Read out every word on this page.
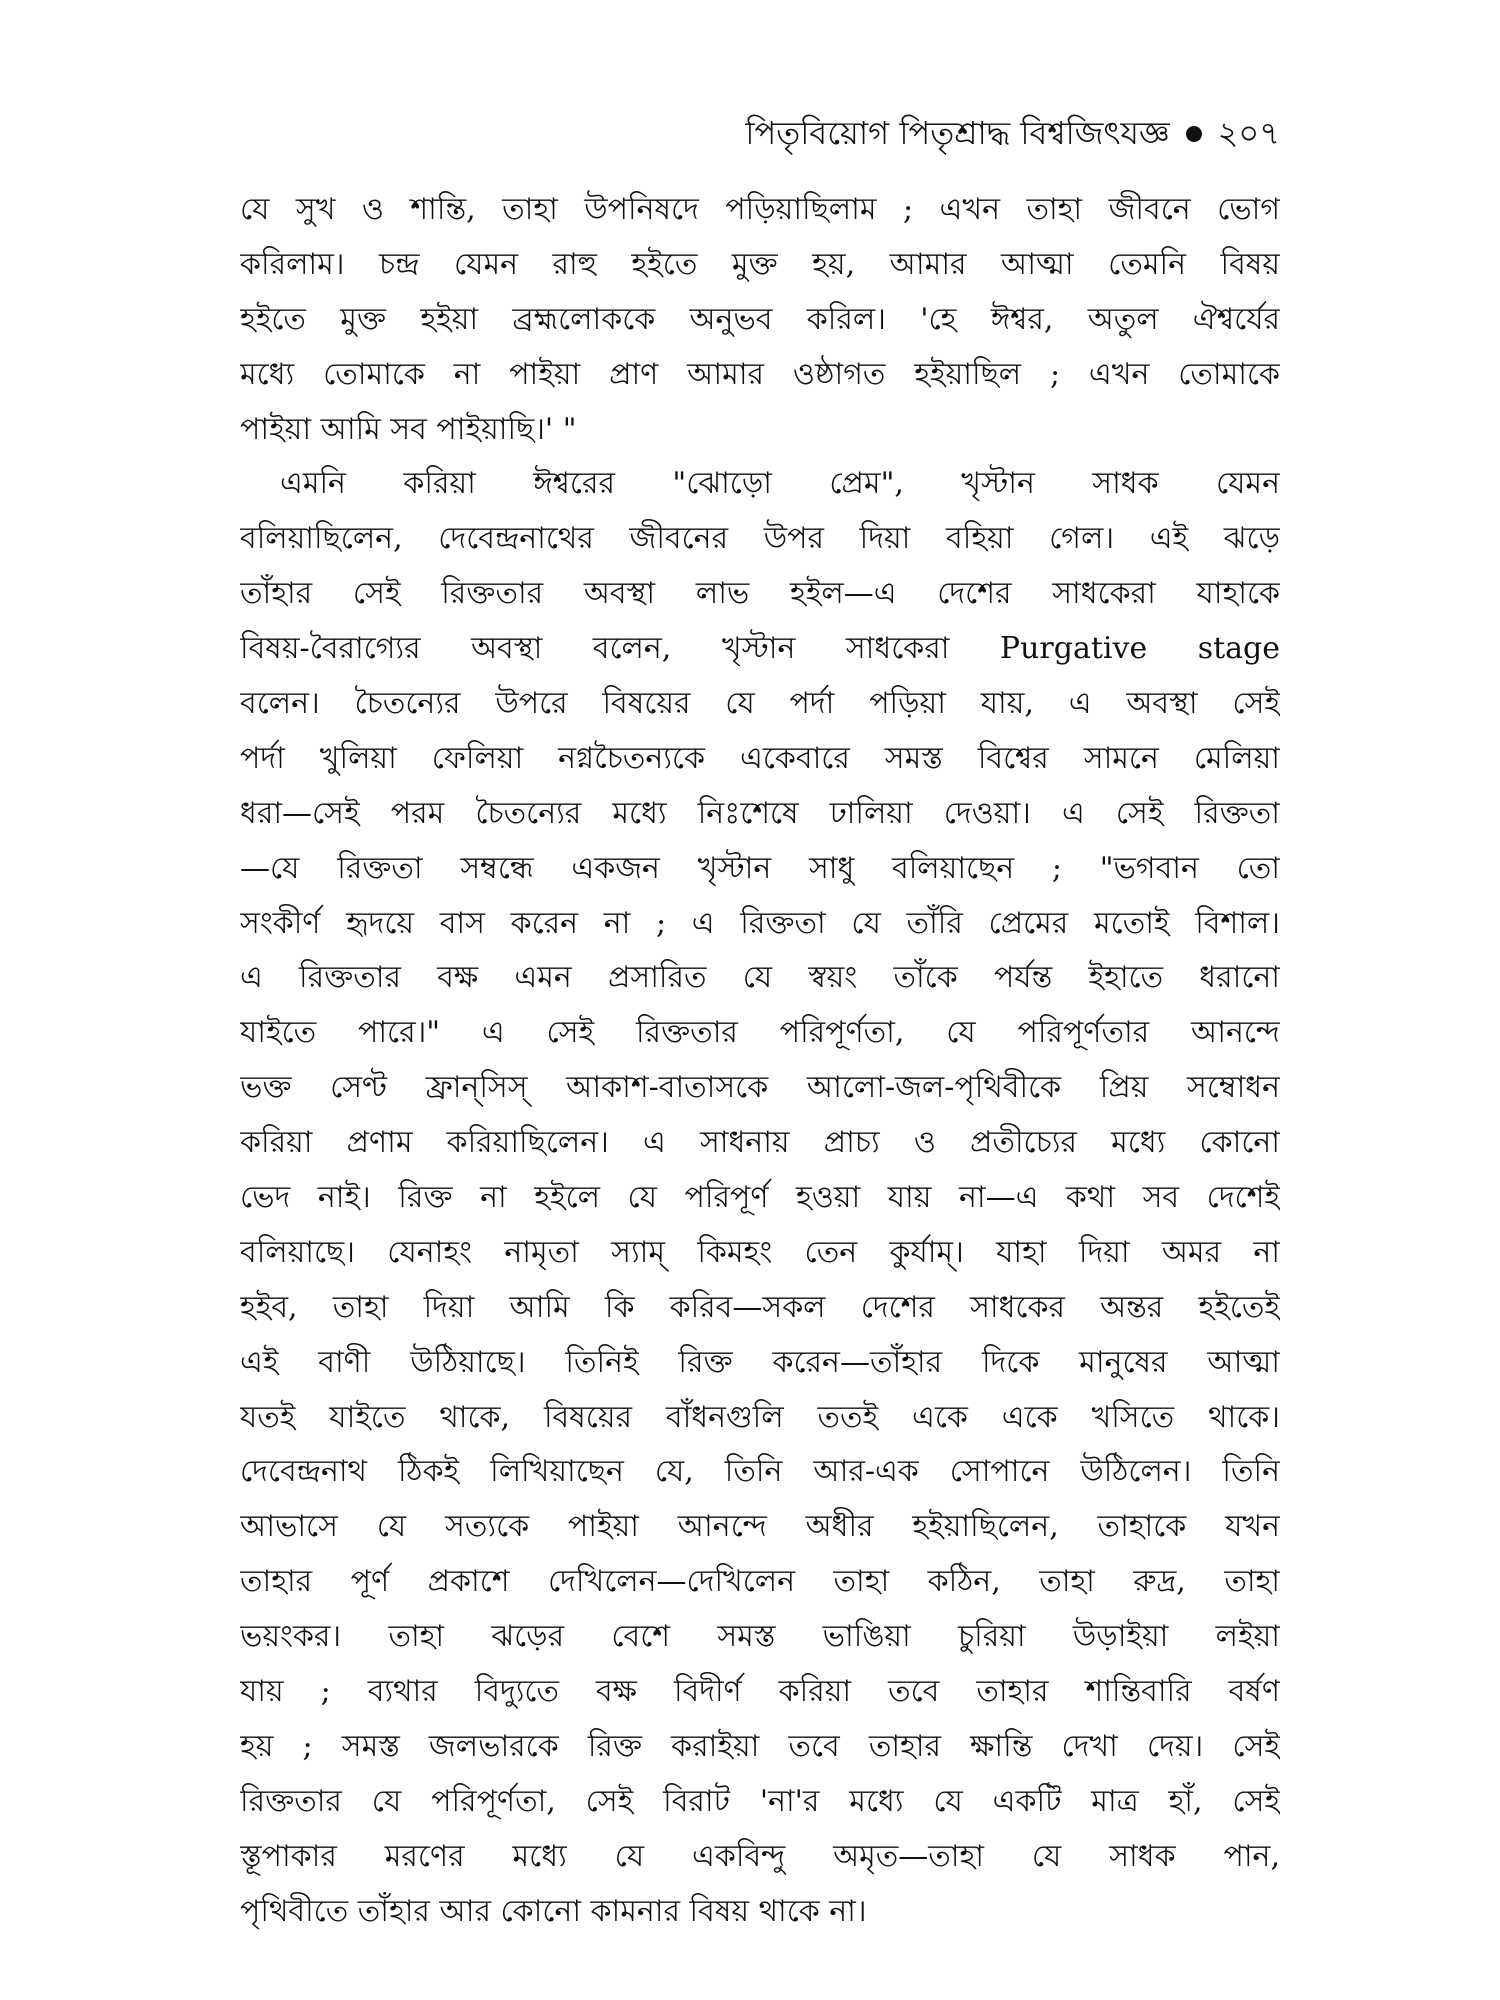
পিতৃবিয়োগ পিতৃশ্রাদ্ধ বিশ্বজিৎযজ্ঞ ২০৭
যে সুখ ও শান্তি, তাহা উপনিষদে পড়িয়াছিলাম ; এখন তাহা জীবনে ভোগ
করিলাম। চন্দ্র যেমন রাহু হইতে মুক্ত হয়, আমার আত্মা তেমনি বিষয়
হইতে মুক্ত হইয়া ব্রহ্মলোককে অনুভব করিল। 'হে ঈশ্বর, অতুল ঐশ্বর্যের
মধ্যে তোমাকে না পাইয়া প্রাণ আমার ওষ্ঠাগত হইয়াছিল ; এখন তোমাকে
পাইয়া আমি সব পাইয়াছি।' "
এমনি করিয়া ঈশ্বরের "ঝোড়ো প্রেম", খৃস্টান সাধক যেমন
বলিয়াছিলেন, দেবেন্দ্রনাথের জীবনের উপর দিয়া বহিয়া গেল। এই ঝড়ে
তাঁহার সেই রিক্ততার অবস্থা লাভ হইল—এ দেশের সাধকেরা যাহাকে
বিষয়-বৈরাগ্যের অবস্থা বলেন, খৃস্টান সাধকেরা Purgative stage
বলেন। চৈতন্যের উপরে বিষয়ের যে পর্দা পড়িয়া যায়, এ অবস্থা সেই
পর্দা খুলিয়া ফেলিয়া নগ্নচৈতন্যকে একেবারে সমস্ত বিশ্বের সামনে মেলিয়া
ধরা—সেই পরম চৈতন্যের মধ্যে নিঃশেষে ঢালিয়া দেওয়া। এ সেই রিক্ততা
—যে রিক্ততা সম্বন্ধে একজন খৃস্টান সাধু বলিয়াছেন ; "ভগবান তো
সংকীর্ণ হৃদয়ে বাস করেন না ; এ রিক্ততা যে তাঁরি প্রেমের মতোই বিশাল।
এ রিক্ততার বক্ষ এমন প্রসারিত যে স্বয়ং তাঁকে পর্যন্ত ইহাতে ধরানো
যাইতে পারে।" এ সেই রিক্ততার পরিপূর্ণতা, যে পরিপূর্ণতার আনন্দে
ভক্ত সেণ্ট ফ্রান্‌সিস্‌ আকাশ-বাতাসকে আলো-জল-পৃথিবীকে প্রিয় সম্বোধন
করিয়া প্রণাম করিয়াছিলেন। এ সাধনায় প্রাচ্য ও প্রতীচ্যের মধ্যে কোনো
ভেদ নাই। রিক্ত না হইলে যে পরিপূর্ণ হওয়া যায় না—এ কথা সব দেশেই
বলিয়াছে। যেনাহং নামৃতা স্যাম্‌ কিমহং তেন কুর্যাম্‌। যাহা দিয়া অমর না
হইব, তাহা দিয়া আমি কি করিব—সকল দেশের সাধকের অন্তর হইতেই
এই বাণী উঠিয়াছে। তিনিই রিক্ত করেন—তাঁহার দিকে মানুষের আত্মা
যতই যাইতে থাকে, বিষয়ের বাঁধনগুলি ততই একে একে খসিতে থাকে।
দেবেন্দ্রনাথ ঠিকই লিখিয়াছেন যে, তিনি আর-এক সোপানে উঠিলেন। তিনি
আভাসে যে সত্যকে পাইয়া আনন্দে অধীর হইয়াছিলেন, তাহাকে যখন
তাহার পূর্ণ প্রকাশে দেখিলেন—দেখিলেন তাহা কঠিন, তাহা রুদ্র, তাহা
ভয়ংকর। তাহা ঝড়ের বেশে সমস্ত ভাঙিয়া চুরিয়া উড়াইয়া লইয়া
যায় ; ব্যথার বিদ্যুতে বক্ষ বিদীর্ণ করিয়া তবে তাহার শান্তিবারি বর্ষণ
হয় ; সমস্ত জলভারকে রিক্ত করাইয়া তবে তাহার ক্ষান্তি দেখা দেয়। সেই
রিক্ততার যে পরিপূর্ণতা, সেই বিরাট 'না'র মধ্যে যে একটি মাত্র হাঁ, সেই
স্তূপাকার মরণের মধ্যে যে একবিন্দু অমৃত—তাহা যে সাধক পান,
পৃথিবীতে তাঁহার আর কোনো কামনার বিষয় থাকে না।
